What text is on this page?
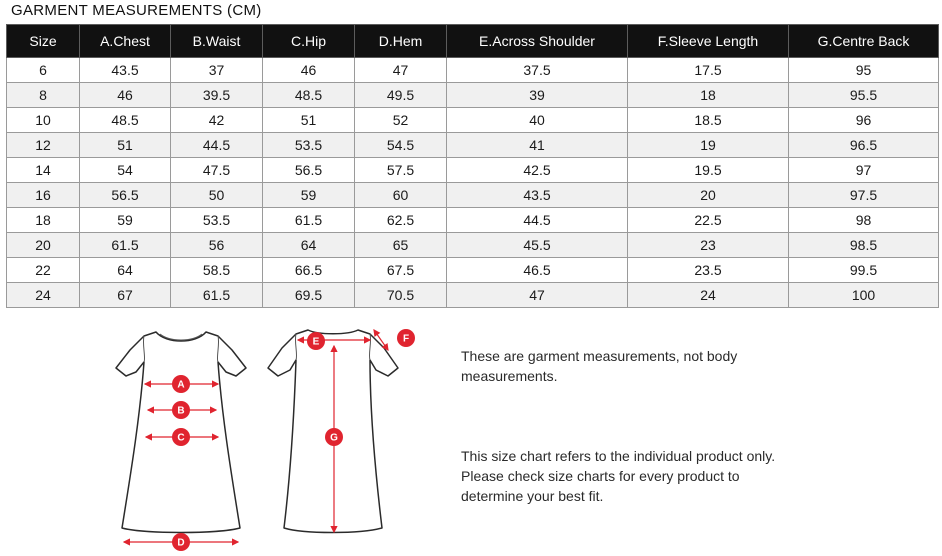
GARMENT MEASUREMENTS (CM)
Size	A.Chest	B.Waist	C.Hip	D.Hem	E.Across Shoulder	F.Sleeve Length	G.Centre Back
6	43.5	37	46	47	37.5	17.5	95
8	46	39.5	48.5	49.5	39	18	95.5
10	48.5	42	51	52	40	18.5	96
12	51	44.5	53.5	54.5	41	19	96.5
14	54	47.5	56.5	57.5	42.5	19.5	97
16	56.5	50	59	60	43.5	20	97.5
18	59	53.5	61.5	62.5	44.5	22.5	98
20	61.5	56	64	65	45.5	23	98.5
22	64	58.5	66.5	67.5	46.5	23.5	99.5
24	67	61.5	69.5	70.5	47	24	100
A
B
C
D
E	F
G
These are garment measurements, not body measurements.
This size chart refers to the individual product only. Please check size charts for every product to determine your best fit.
